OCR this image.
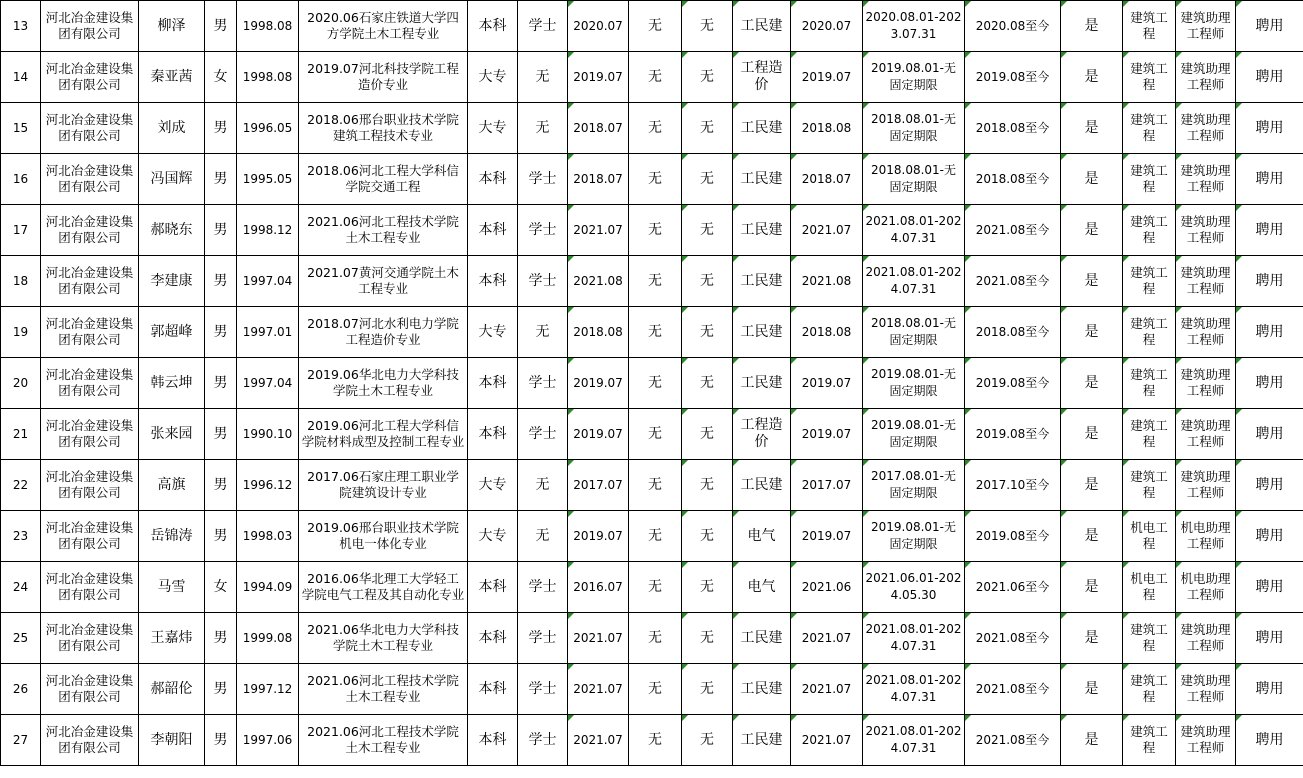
13	河北冶金建设集团有限公司	柳泽	男	1998.08	2020.06石家庄铁道大学四方学院土木工程专业	本科	学士	2020.07	无	无	工民建	2020.07	2020.08.01-2023.07.31	2020.08至今	是	建筑工程	建筑助理工程师	聘用
14	河北冶金建设集团有限公司	秦亚茜	女	1998.08	2019.07河北科技学院工程造价专业	大专	无	2019.07	无	无	工程造价	2019.07	2019.08.01-无固定期限	2019.08至今	是	建筑工程	建筑助理工程师	聘用
15	河北冶金建设集团有限公司	刘成	男	1996.05	2018.06邢台职业技术学院建筑工程技术专业	大专	无	2018.07	无	无	工民建	2018.08	2018.08.01-无固定期限	2018.08至今	是	建筑工程	建筑助理工程师	聘用
16	河北冶金建设集团有限公司	冯国辉	男	1995.05	2018.06河北工程大学科信学院交通工程	本科	学士	2018.07	无	无	工民建	2018.07	2018.08.01-无固定期限	2018.08至今	是	建筑工程	建筑助理工程师	聘用
17	河北冶金建设集团有限公司	郝晓东	男	1998.12	2021.06河北工程技术学院土木工程专业	本科	学士	2021.07	无	无	工民建	2021.07	2021.08.01-2024.07.31	2021.08至今	是	建筑工程	建筑助理工程师	聘用
18	河北冶金建设集团有限公司	李建康	男	1997.04	2021.07黄河交通学院土木工程专业	本科	学士	2021.08	无	无	工民建	2021.08	2021.08.01-2024.07.31	2021.08至今	是	建筑工程	建筑助理工程师	聘用
19	河北冶金建设集团有限公司	郭超峰	男	1997.01	2018.07河北水利电力学院工程造价专业	大专	无	2018.08	无	无	工民建	2018.08	2018.08.01-无固定期限	2018.08至今	是	建筑工程	建筑助理工程师	聘用
20	河北冶金建设集团有限公司	韩云坤	男	1997.04	2019.06华北电力大学科技学院土木工程专业	本科	学士	2019.07	无	无	工民建	2019.07	2019.08.01-无固定期限	2019.08至今	是	建筑工程	建筑助理工程师	聘用
21	河北冶金建设集团有限公司	张来园	男	1990.10	2019.06河北工程大学科信学院材料成型及控制工程专业	本科	学士	2019.07	无	无	工程造价	2019.07	2019.08.01-无固定期限	2019.08至今	是	建筑工程	建筑助理工程师	聘用
22	河北冶金建设集团有限公司	高旗	男	1996.12	2017.06石家庄理工职业学院建筑设计专业	大专	无	2017.07	无	无	工民建	2017.07	2017.08.01-无固定期限	2017.10至今	是	建筑工程	建筑助理工程师	聘用
23	河北冶金建设集团有限公司	岳锦涛	男	1998.03	2019.06邢台职业技术学院机电一体化专业	大专	无	2019.07	无	无	电气	2019.07	2019.08.01-无固定期限	2019.08至今	是	机电工程	机电助理工程师	聘用
24	河北冶金建设集团有限公司	马雪	女	1994.09	2016.06华北理工大学轻工学院电气工程及其自动化专业	本科	学士	2016.07	无	无	电气	2021.06	2021.06.01-2024.05.30	2021.06至今	是	机电工程	机电助理工程师	聘用
25	河北冶金建设集团有限公司	王嘉炜	男	1999.08	2021.06华北电力大学科技学院土木工程专业	本科	学士	2021.07	无	无	工民建	2021.07	2021.08.01-2024.07.31	2021.08至今	是	建筑工程	建筑助理工程师	聘用
26	河北冶金建设集团有限公司	郝韶伦	男	1997.12	2021.06河北工程技术学院土木工程专业	本科	学士	2021.07	无	无	工民建	2021.07	2021.08.01-2024.07.31	2021.08至今	是	建筑工程	建筑助理工程师	聘用
27	河北冶金建设集团有限公司	李朝阳	男	1997.06	2021.06河北工程技术学院土木工程专业	本科	学士	2021.07	无	无	工民建	2021.07	2021.08.01-2024.07.31	2021.08至今	是	建筑工程	建筑助理工程师	聘用
